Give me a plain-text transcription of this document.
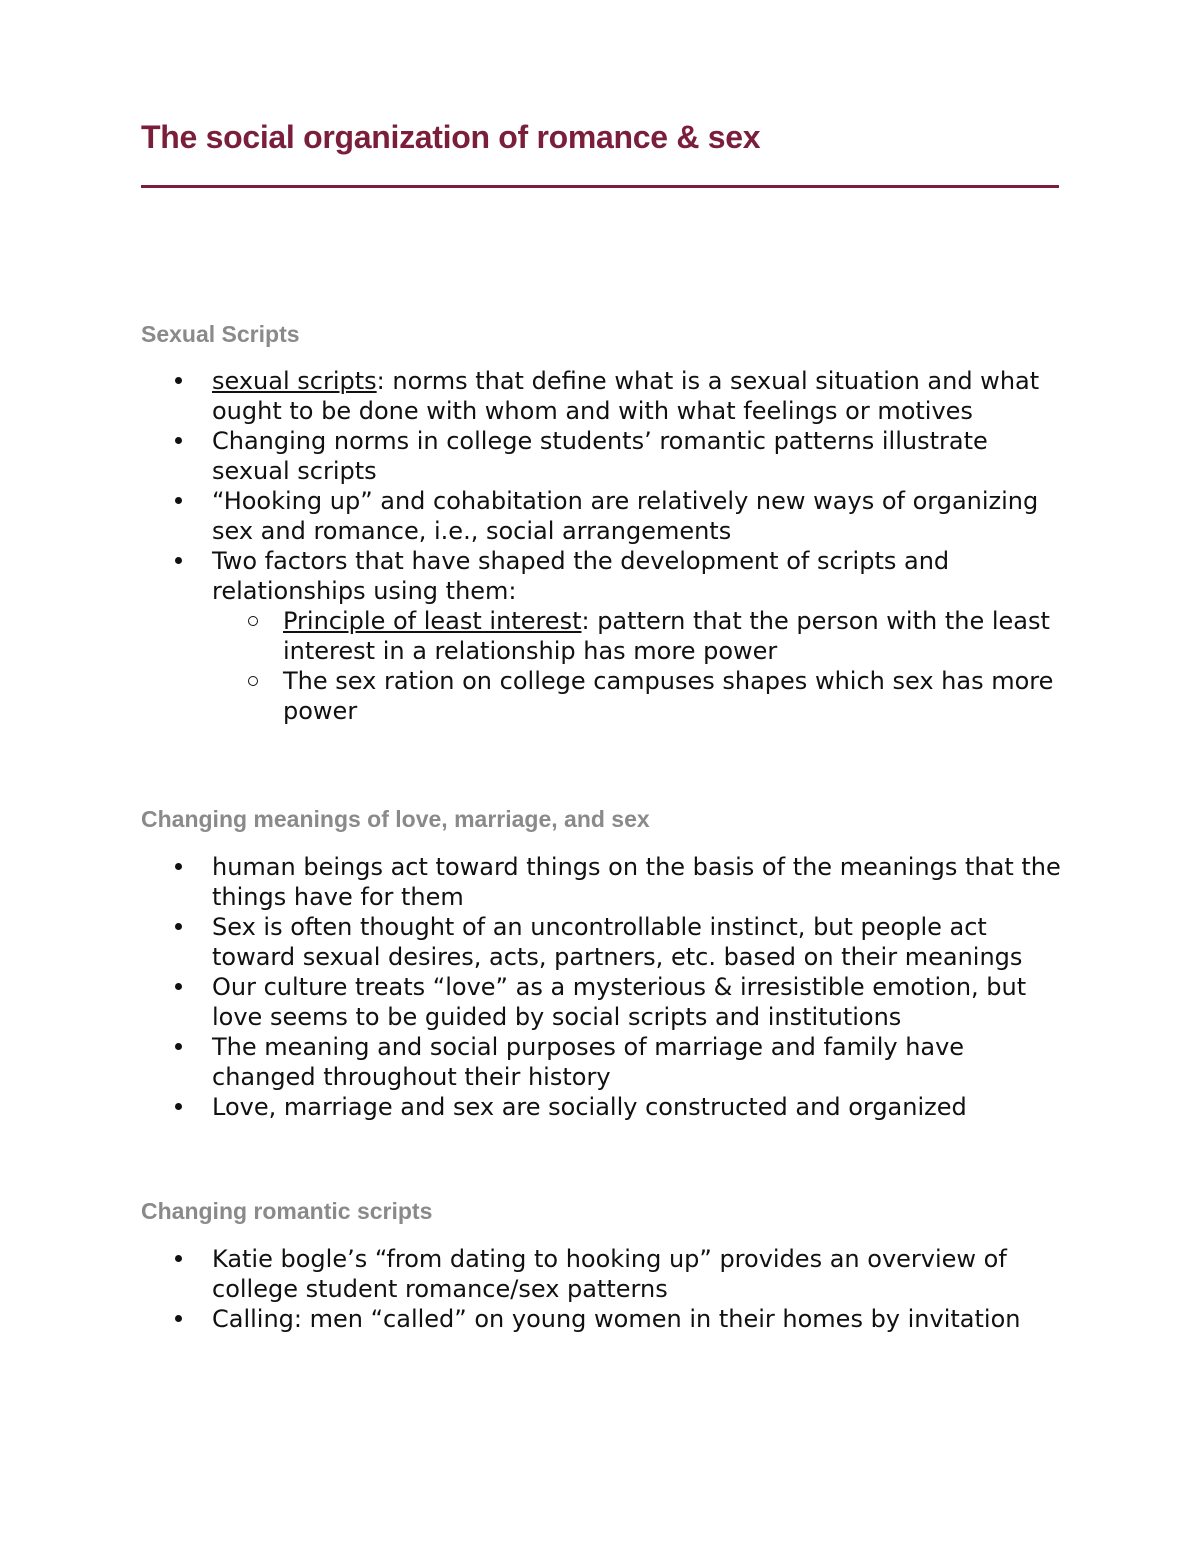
The social organization of romance & sex
Sexual Scripts
sexual scripts: norms that define what is a sexual situation and what ought to be done with whom and with what feelings or motives
Changing norms in college students’ romantic patterns illustrate sexual scripts
“Hooking up” and cohabitation are relatively new ways of organizing sex and romance, i.e., social arrangements
Two factors that have shaped the development of scripts and relationships using them:
Principle of least interest: pattern that the person with the least interest in a relationship has more power
The sex ration on college campuses shapes which sex has more power
Changing meanings of love, marriage, and sex
human beings act toward things on the basis of the meanings that the things have for them
Sex is often thought of an uncontrollable instinct, but people act toward sexual desires, acts, partners, etc. based on their meanings
Our culture treats “love” as a mysterious & irresistible emotion, but love seems to be guided by social scripts and institutions
The meaning and social purposes of marriage and family have changed throughout their history
Love, marriage and sex are socially constructed and organized
Changing romantic scripts
Katie bogle’s “from dating to hooking up” provides an overview of college student romance/sex patterns
Calling: men “called” on young women in their homes by invitation
